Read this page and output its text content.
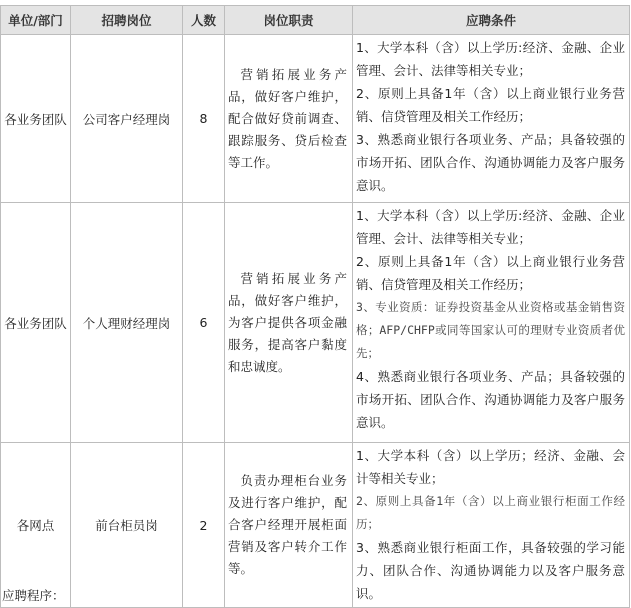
单位/部门	招聘岗位	人数	岗位职责	应聘条件
各业务团队	公司客户经理岗	8	营销拓展业务产品，做好客户维护，配合做好贷前调查、跟踪服务、贷后检查等工作。	1、大学本科（含）以上学历:经济、金融、企业管理、会计、法律等相关专业；
2、原则上具备1年（含）以上商业银行业务营销、信贷管理及相关工作经历；
3、熟悉商业银行各项业务、产品；具备较强的市场开拓、团队合作、沟通协调能力及客户服务意识。

各业务团队	个人理财经理岗	6	营销拓展业务产品，做好客户维护，为客户提供各项金融服务，提高客户黏度和忠诚度。	1、大学本科（含）以上学历:经济、金融、企业管理、会计、法律等相关专业；
2、原则上具备1年（含）以上商业银行业务营销、信贷管理及相关工作经历；
3、专业资质：证券投资基金从业资格或基金销售资格；AFP/CHFP或同等国家认可的理财专业资质者优先；
4、熟悉商业银行各项业务、产品；具备较强的市场开拓、团队合作、沟通协调能力及客户服务意识。

各网点	前台柜员岗	2	负责办理柜台业务及进行客户维护，配合客户经理开展柜面营销及客户转介工作等。	1、大学本科（含）以上学历；经济、金融、会计等相关专业；
2、原则上具备1年（含）以上商业银行柜面工作经历；
3、熟悉商业银行柜面工作，具备较强的学习能力、团队合作、沟通协调能力以及客户服务意识。
应聘程序：
